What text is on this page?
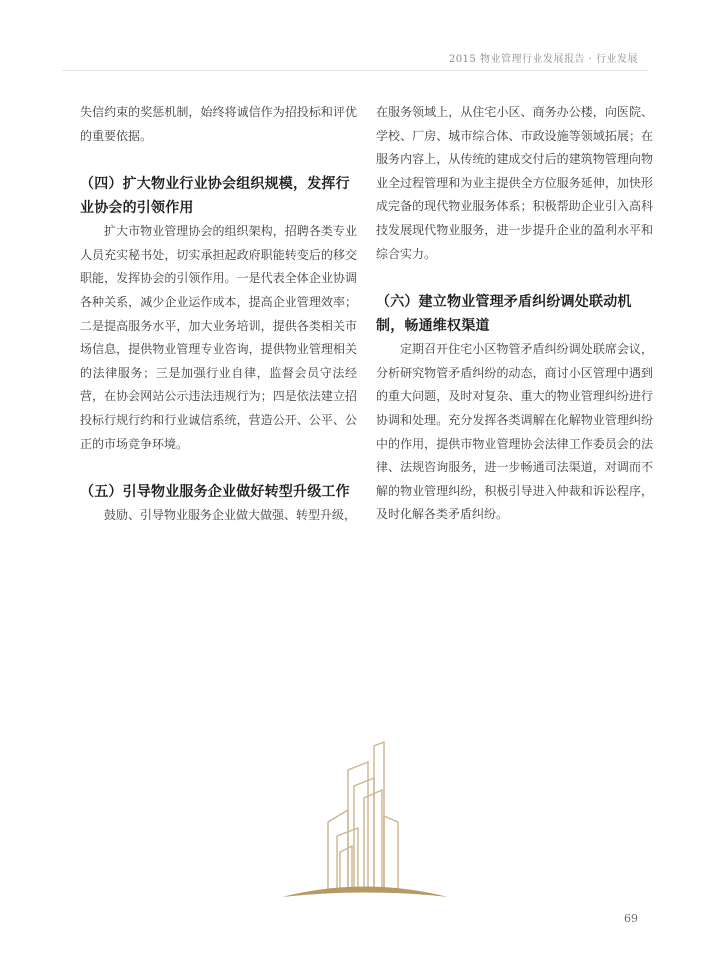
2015 物业管理行业发展报告 · 行业发展

失信约束的奖惩机制，始终将诚信作为招投标和评优的重要依据。

（四）扩大物业行业协会组织规模，发挥行业协会的引领作用

扩大市物业管理协会的组织架构，招聘各类专业人员充实秘书处，切实承担起政府职能转变后的移交职能，发挥协会的引领作用。一是代表全体企业协调各种关系，减少企业运作成本，提高企业管理效率；二是提高服务水平，加大业务培训，提供各类相关市场信息，提供物业管理专业咨询，提供物业管理相关的法律服务；三是加强行业自律，监督会员守法经营，在协会网站公示违法违规行为；四是依法建立招投标行规行约和行业诚信系统，营造公开、公平、公正的市场竞争环境。

（五）引导物业服务企业做好转型升级工作

鼓励、引导物业服务企业做大做强、转型升级，

在服务领域上，从住宅小区、商务办公楼，向医院、学校、厂房、城市综合体、市政设施等领域拓展；在服务内容上，从传统的建成交付后的建筑物管理向物业全过程管理和为业主提供全方位服务延伸，加快形成完备的现代物业服务体系；积极帮助企业引入高科技发展现代物业服务，进一步提升企业的盈利水平和综合实力。

（六）建立物业管理矛盾纠纷调处联动机制，畅通维权渠道

定期召开住宅小区物管矛盾纠纷调处联席会议，分析研究物管矛盾纠纷的动态，商讨小区管理中遇到的重大问题，及时对复杂、重大的物业管理纠纷进行协调和处理。充分发挥各类调解在化解物业管理纠纷中的作用，提供市物业管理协会法律工作委员会的法律、法规咨询服务，进一步畅通司法渠道，对调而不解的物业管理纠纷，积极引导进入仲裁和诉讼程序，及时化解各类矛盾纠纷。

69
